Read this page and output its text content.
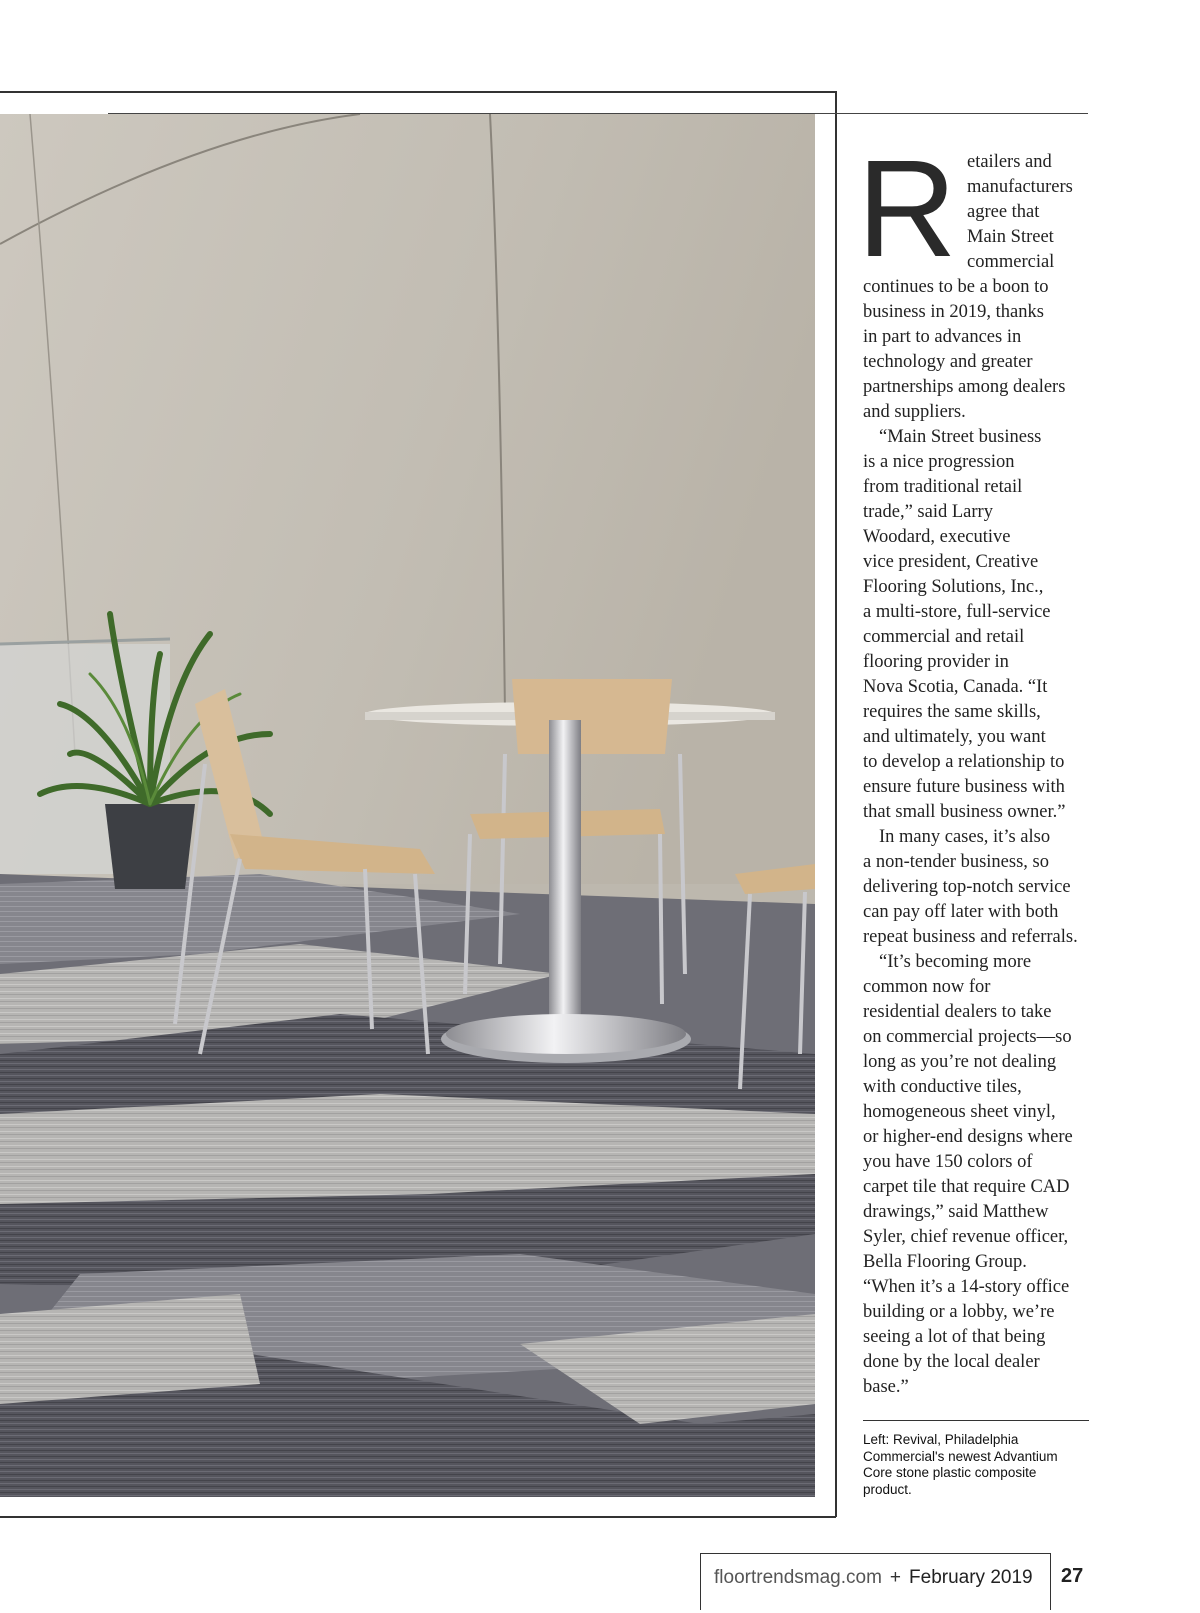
R etailers and
manufacturers
agree that
Main Street
commercial

continues to be a boon to
business in 2019, thanks
in part to advances in
technology and greater
partnerships among dealers
and suppliers.

“Main Street business
is a nice progression
from traditional retail
trade,” said Larry
Woodard, executive
vice president, Creative
Flooring Solutions, Inc.,
a multi-store, full-service
commercial and retail
flooring provider in
Nova Scotia, Canada. “It
requires the same skills,
and ultimately, you want
to develop a relationship to
ensure future business with
that small business owner.”

In many cases, it’s also
a non-tender business, so
delivering top-notch service
can pay off later with both
repeat business and referrals.

“It’s becoming more
common now for
residential dealers to take
on commercial projects—so
long as you’re not dealing
with conductive tiles,
homogeneous sheet vinyl,
or higher-end designs where
you have 150 colors of
carpet tile that require CAD
drawings,” said Matthew
Syler, chief revenue officer,
Bella Flooring Group.
“When it’s a 14-story office
building or a lobby, we’re
seeing a lot of that being
done by the local dealer
base.”

Left: Revival, Philadelphia
Commercial's newest Advantium
Core stone plastic composite
product.
floortrendsmag.com + February 2019 27
